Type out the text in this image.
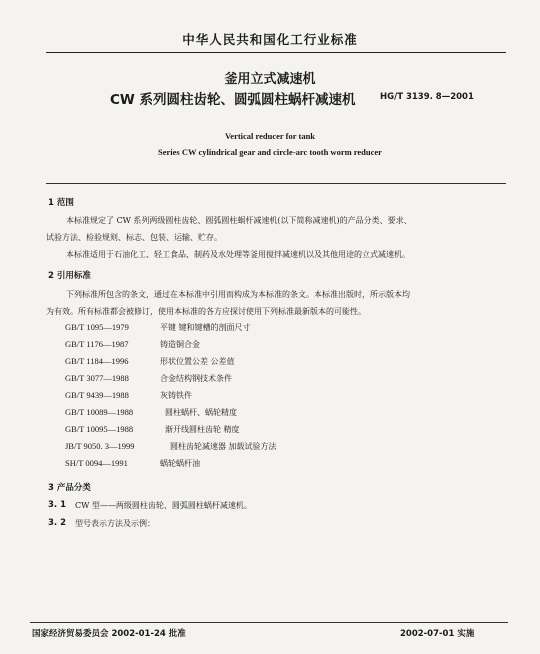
中华人民共和国化工行业标准
釜用立式减速机
CW 系列圆柱齿轮、圆弧圆柱蜗杆减速机	HG/T 3139. 8—2001
Vertical reducer for tank
Series CW cylindrical gear and circle-arc tooth worm reducer
1 范围
本标准规定了 CW 系列两级圆柱齿轮、圆弧圆柱蜗杆减速机(以下简称减速机)的产品分类、要求、
试验方法、检验规则、标志、包装、运输、贮存。
本标准适用于石油化工、轻工食品、制药及水处理等釜用搅拌减速机以及其他用途的立式减速机。
2 引用标准
下列标准所包含的条文，通过在本标准中引用而构成为本标准的条文。本标准出版时，所示版本均
为有效。所有标准都会被修订，使用本标准的各方应探讨使用下列标准最新版本的可能性。
GB/T 1095—1979	平键 键和键槽的剖面尺寸
GB/T 1176—1987	铸造铜合金
GB/T 1184—1996	形状位置公差 公差值
GB/T 3077—1988	合金结构钢技术条件
GB/T 9439—1988	灰铸铁件
GB/T 10089—1988	圆柱蜗杆、蜗轮精度
GB/T 10095—1988	渐开线圆柱齿轮 精度
JB/T 9050. 3—1999	圆柱齿轮减速器 加载试验方法
SH/T 0094—1991	蜗轮蜗杆油
3 产品分类
3. 1 CW 型——两级圆柱齿轮、圆弧圆柱蜗杆减速机。
3. 2 型号表示方法及示例：
国家经济贸易委员会 2002-01-24 批准	2002-07-01 实施
